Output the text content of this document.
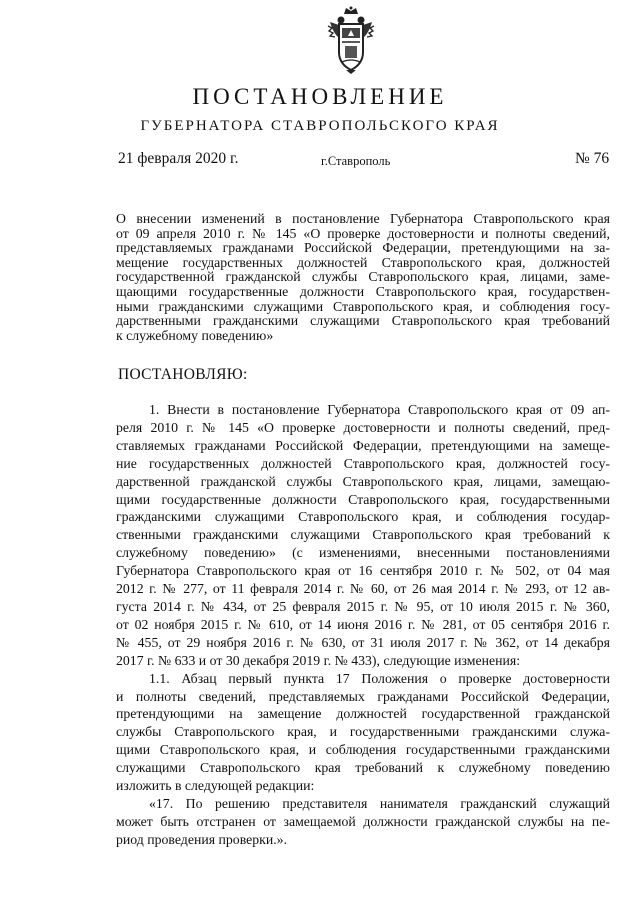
ПОСТАНОВЛЕНИЕ
ГУБЕРНАТОРА СТАВРОПОЛЬСКОГО КРАЯ
21 февраля 2020 г.	г.Ставрополь	№ 76
О внесении изменений в постановление Губернатора Ставропольского края
от 09 апреля 2010 г. № 145 «О проверке достоверности и полноты сведений,
представляемых гражданами Российской Федерации, претендующими на за-
мещение государственных должностей Ставропольского края, должностей
государственной гражданской службы Ставропольского края, лицами, заме-
щающими государственные должности Ставропольского края, государствен-
ными гражданскими служащими Ставропольского края, и соблюдения госу-
дарственными гражданскими служащими Ставропольского края требований
к служебному поведению»
ПОСТАНОВЛЯЮ:
1. Внести в постановление Губернатора Ставропольского края от 09 ап-
реля 2010 г. № 145 «О проверке достоверности и полноты сведений, пред-
ставляемых гражданами Российской Федерации, претендующими на замеще-
ние государственных должностей Ставропольского края, должностей госу-
дарственной гражданской службы Ставропольского края, лицами, замещаю-
щими государственные должности Ставропольского края, государственными
гражданскими служащими Ставропольского края, и соблюдения государ-
ственными гражданскими служащими Ставропольского края требований к
служебному поведению» (с изменениями, внесенными постановлениями
Губернатора Ставропольского края от 16 сентября 2010 г. № 502, от 04 мая
2012 г. № 277, от 11 февраля 2014 г. № 60, от 26 мая 2014 г. № 293, от 12 ав-
густа 2014 г. № 434, от 25 февраля 2015 г. № 95, от 10 июля 2015 г. № 360,
от 02 ноября 2015 г. № 610, от 14 июня 2016 г. № 281, от 05 сентября 2016 г.
№ 455, от 29 ноября 2016 г. № 630, от 31 июля 2017 г. № 362, от 14 декабря
2017 г. № 633 и от 30 декабря 2019 г. № 433), следующие изменения:
1.1. Абзац первый пункта 17 Положения о проверке достоверности
и полноты сведений, представляемых гражданами Российской Федерации,
претендующими на замещение должностей государственной гражданской
службы Ставропольского края, и государственными гражданскими служа-
щими Ставропольского края, и соблюдения государственными гражданскими
служащими Ставропольского края требований к служебному поведению
изложить в следующей редакции:
«17. По решению представителя нанимателя гражданский служащий
может быть отстранен от замещаемой должности гражданской службы на пе-
риод проведения проверки.».
